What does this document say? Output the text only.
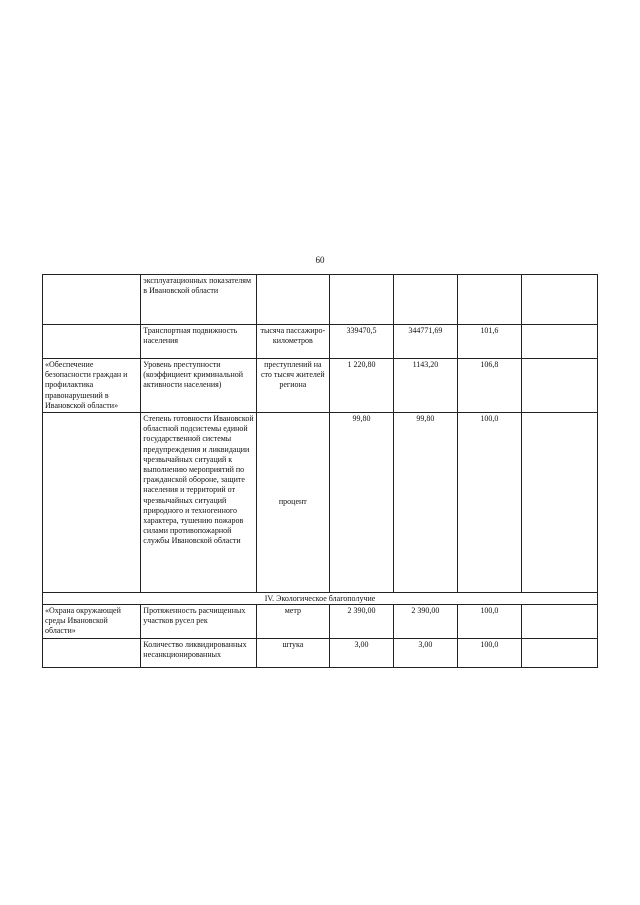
60
	эксплуатационных показателям в Ивановской области					
	Транспортная подвижность населения	тысяча пассажиро-километров	339470,5	344771,69	101,6	
«Обеспечение безопасности граждан и профилактика правонарушений в Ивановской области»	Уровень преступности (коэффициент криминальной активности населения)	преступлений на сто тысяч жителей региона	1 220,80	1143,20	106,8	
	Степень готовности Ивановской областной подсистемы единой государственной системы предупреждения и ликвидации чрезвычайных ситуаций к выполнению мероприятий по гражданской обороне, защите населения и территорий от чрезвычайных ситуаций природного и техногенного характера, тушению пожаров силами противопожарной службы Ивановской области	процент	99,80	99,80	100,0	
IV. Экологическое благополучие						
«Охрана окружающей среды Ивановской области»	Протяженность расчищенных участков русел рек	метр	2 390,00	2 390,00	100,0	
	Количество ликвидированных несанкционированных	штука	3,00	3,00	100,0	
